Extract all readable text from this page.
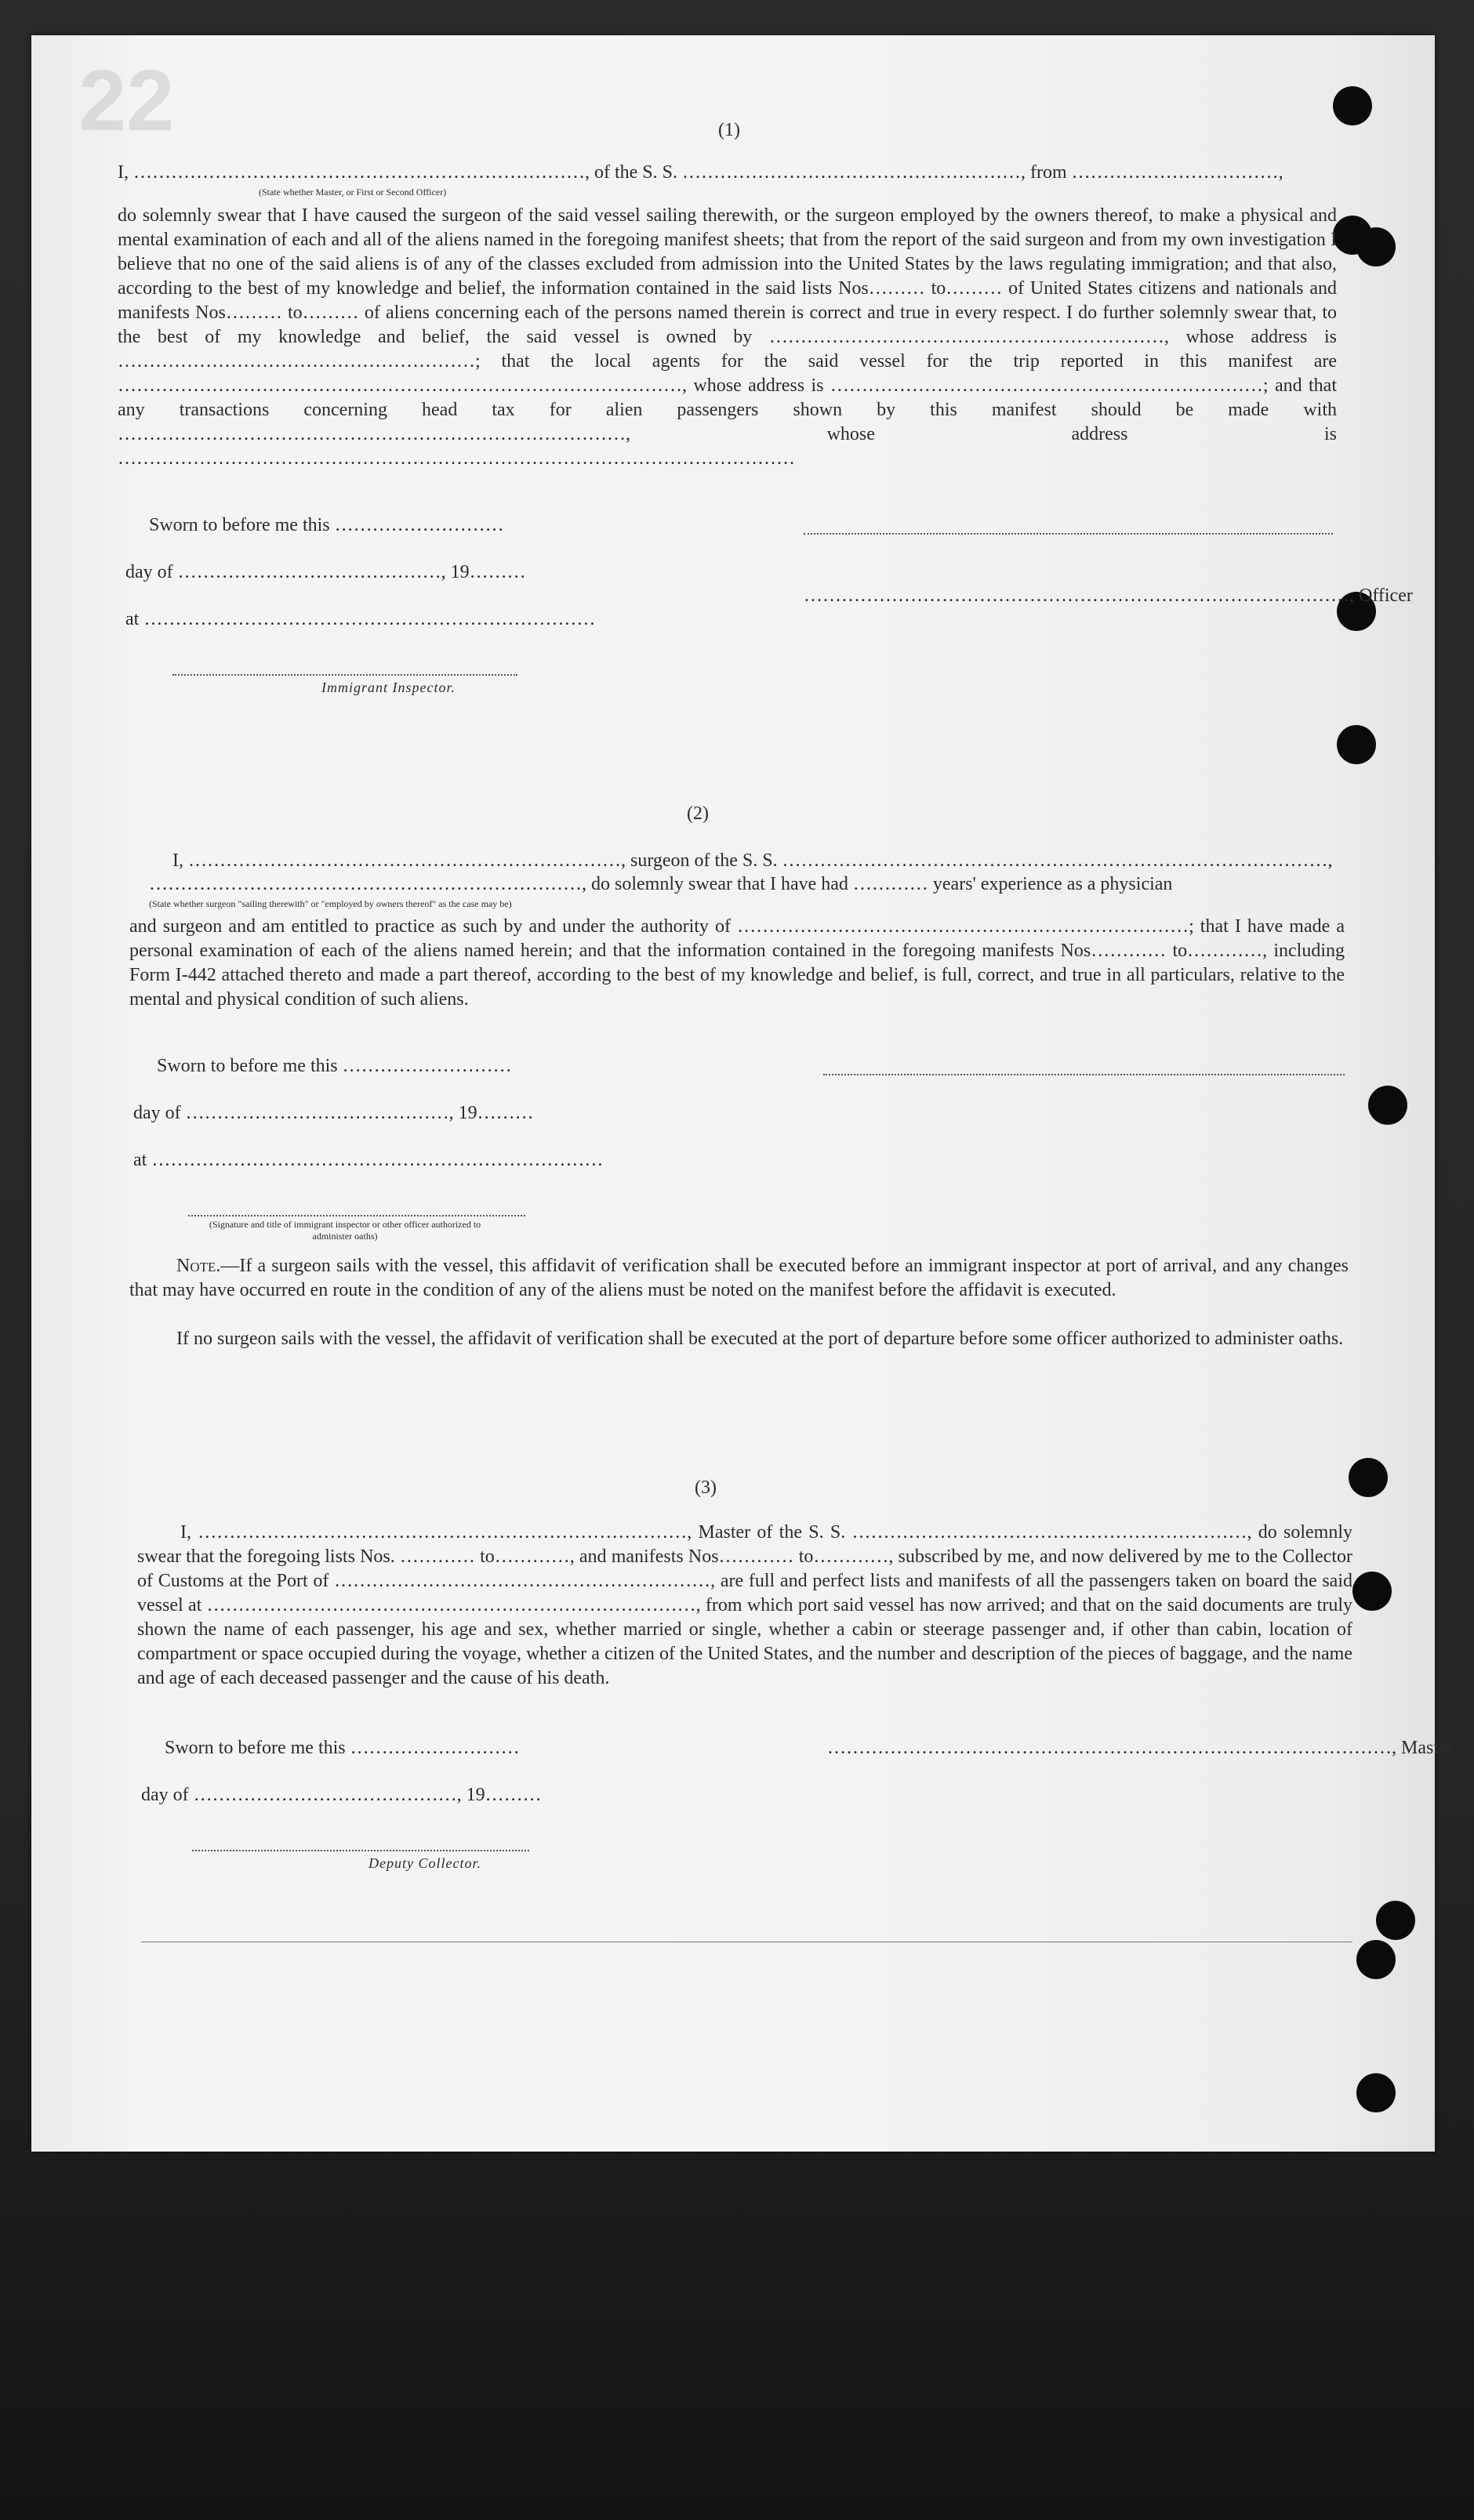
22	(1)
I, ………………………………………………………………, of the S. S. ………………………………………………, from ……………………………,
(State whether Master, or First or Second Officer)
do solemnly swear that I have caused the surgeon of the said vessel sailing therewith, or the surgeon employed by the owners thereof, to make a physical and mental examination of each and all of the aliens named in the foregoing manifest sheets; that from the report of the said surgeon and from my own investigation I believe that no one of the said aliens is of any of the classes excluded from admission into the United States by the laws regulating immigration; and that also, according to the best of my knowledge and belief, the information contained in the said lists Nos……… to……… of United States citizens and nationals and manifests Nos……… to……… of aliens concerning each of the persons named therein is correct and true in every respect. I do further solemnly swear that, to the best of my knowledge and belief, the said vessel is owned by ………………………………………………………, whose address is …………………………………………………; that the local agents for the said vessel for the trip reported in this manifest are ………………………………………………………………………………, whose address is ……………………………………………………………; and that any transactions concerning head tax for alien passengers shown by this manifest should be made with ………………………………………………………………………, whose address is ………………………………………………………………………………………………
Sworn to before me this ………………………
day of ……………………………………, 19………
……………………………………………………………………………, Officer
at ………………………………………………………………
Immigrant Inspector.
(2)
I, ……………………………………………………………, surgeon of the S. S. ……………………………………………………………………………,
……………………………………………………………, do solemnly swear that I have had ………… years' experience as a physician
(State whether surgeon "sailing therewith" or "employed by owners thereof" as the case may be)
and surgeon and am entitled to practice as such by and under the authority of ………………………………………………………………; that I have made a personal examination of each of the aliens named herein; and that the information contained in the foregoing manifests Nos………… to…………, including Form I-442 attached thereto and made a part thereof, according to the best of my knowledge and belief, is full, correct, and true in all particulars, relative to the mental and physical condition of such aliens.
Sworn to before me this ………………………
day of ……………………………………, 19………
at ………………………………………………………………
(Signature and title of immigrant inspector or other officer authorized to administer oaths)
Note.—If a surgeon sails with the vessel, this affidavit of verification shall be executed before an immigrant inspector at port of arrival, and any changes that may have occurred en route in the condition of any of the aliens must be noted on the manifest before the affidavit is executed.
If no surgeon sails with the vessel, the affidavit of verification shall be executed at the port of departure before some officer authorized to administer oaths.
(3)
I, ……………………………………………………………………, Master of the S. S. ………………………………………………………, do solemnly swear that the foregoing lists Nos. ………… to…………, and manifests Nos………… to…………, subscribed by me, and now delivered by me to the Collector of Customs at the Port of ……………………………………………………, are full and perfect lists and manifests of all the passengers taken on board the said vessel at ……………………………………………………………………, from which port said vessel has now arrived; and that on the said documents are truly shown the name of each passenger, his age and sex, whether married or single, whether a cabin or steerage passenger and, if other than cabin, location of compartment or space occupied during the voyage, whether a citizen of the United States, and the number and description of the pieces of baggage, and the name and age of each deceased passenger and the cause of his death.
Sworn to before me this ………………………	………………………………………………………………………………, Master
day of ……………………………………, 19………
Deputy Collector.
